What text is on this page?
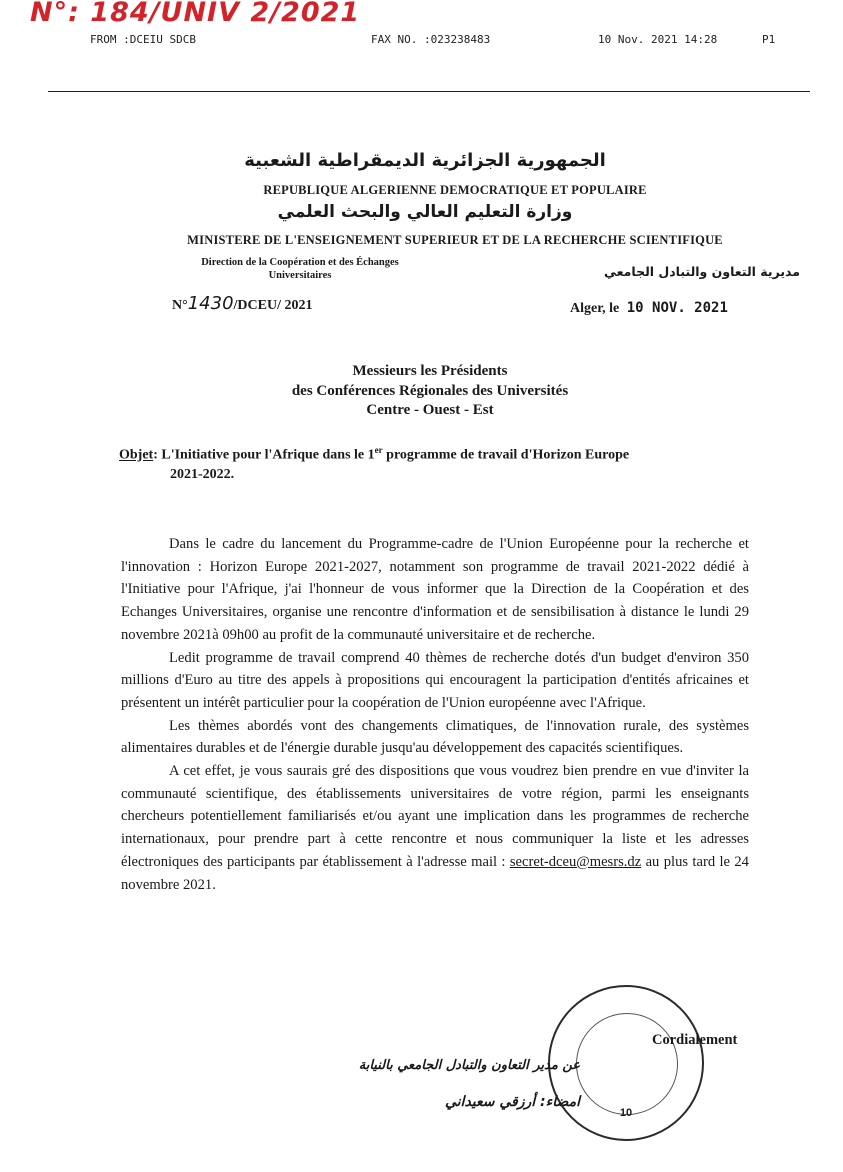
N°: 184/UNIV 2/2021
FROM :DCEIU SDCB	FAX NO. :023238483	10 Nov. 2021 14:28	P1
الجمهورية الجزائرية الديمقراطية الشعبية
REPUBLIQUE ALGERIENNE DEMOCRATIQUE ET POPULAIRE
وزارة التعليم العالي والبحث العلمي
MINISTERE DE L'ENSEIGNEMENT SUPERIEUR ET DE LA RECHERCHE SCIENTIFIQUE
Direction de la Coopération et des Échanges
Universitaires	مديرية التعاون والتبادل الجامعي
N°1430/DCEU/ 2021	Alger, le 10 NOV. 2021
Messieurs les Présidents
des Conférences Régionales des Universités
Centre - Ouest - Est
Objet: L'Initiative pour l'Afrique dans le 1er programme de travail d'Horizon Europe
2021-2022.

Dans le cadre du lancement du Programme-cadre de l'Union Européenne pour la recherche et l'innovation : Horizon Europe 2021-2027, notamment son programme de travail 2021-2022 dédié à l'Initiative pour l'Afrique, j'ai l'honneur de vous informer que la Direction de la Coopération et des Echanges Universitaires, organise une rencontre d'information et de sensibilisation à distance le lundi 29 novembre 2021à 09h00 au profit de la communauté universitaire et de recherche.

Ledit programme de travail comprend 40 thèmes de recherche dotés d'un budget d'environ 350 millions d'Euro au titre des appels à propositions qui encouragent la participation d'entités africaines et présentent un intérêt particulier pour la coopération de l'Union européenne avec l'Afrique.

Les thèmes abordés vont des changements climatiques, de l'innovation rurale, des systèmes alimentaires durables et de l'énergie durable jusqu'au développement des capacités scientifiques.

A cet effet, je vous saurais gré des dispositions que vous voudrez bien prendre en vue d'inviter la communauté scientifique, des établissements universitaires de votre région, parmi les enseignants chercheurs potentiellement familiarisés et/ou ayant une implication dans les programmes de recherche internationaux, pour prendre part à cette rencontre et nous communiquer la liste et les adresses électroniques des participants par établissement à l'adresse mail : secret-dceu@mesrs.dz au plus tard le 24 novembre 2021.

10
Cordialement
عن مدير التعاون والتبادل الجامعي بالنيابة
امضاء: أرزقي سعيداني
